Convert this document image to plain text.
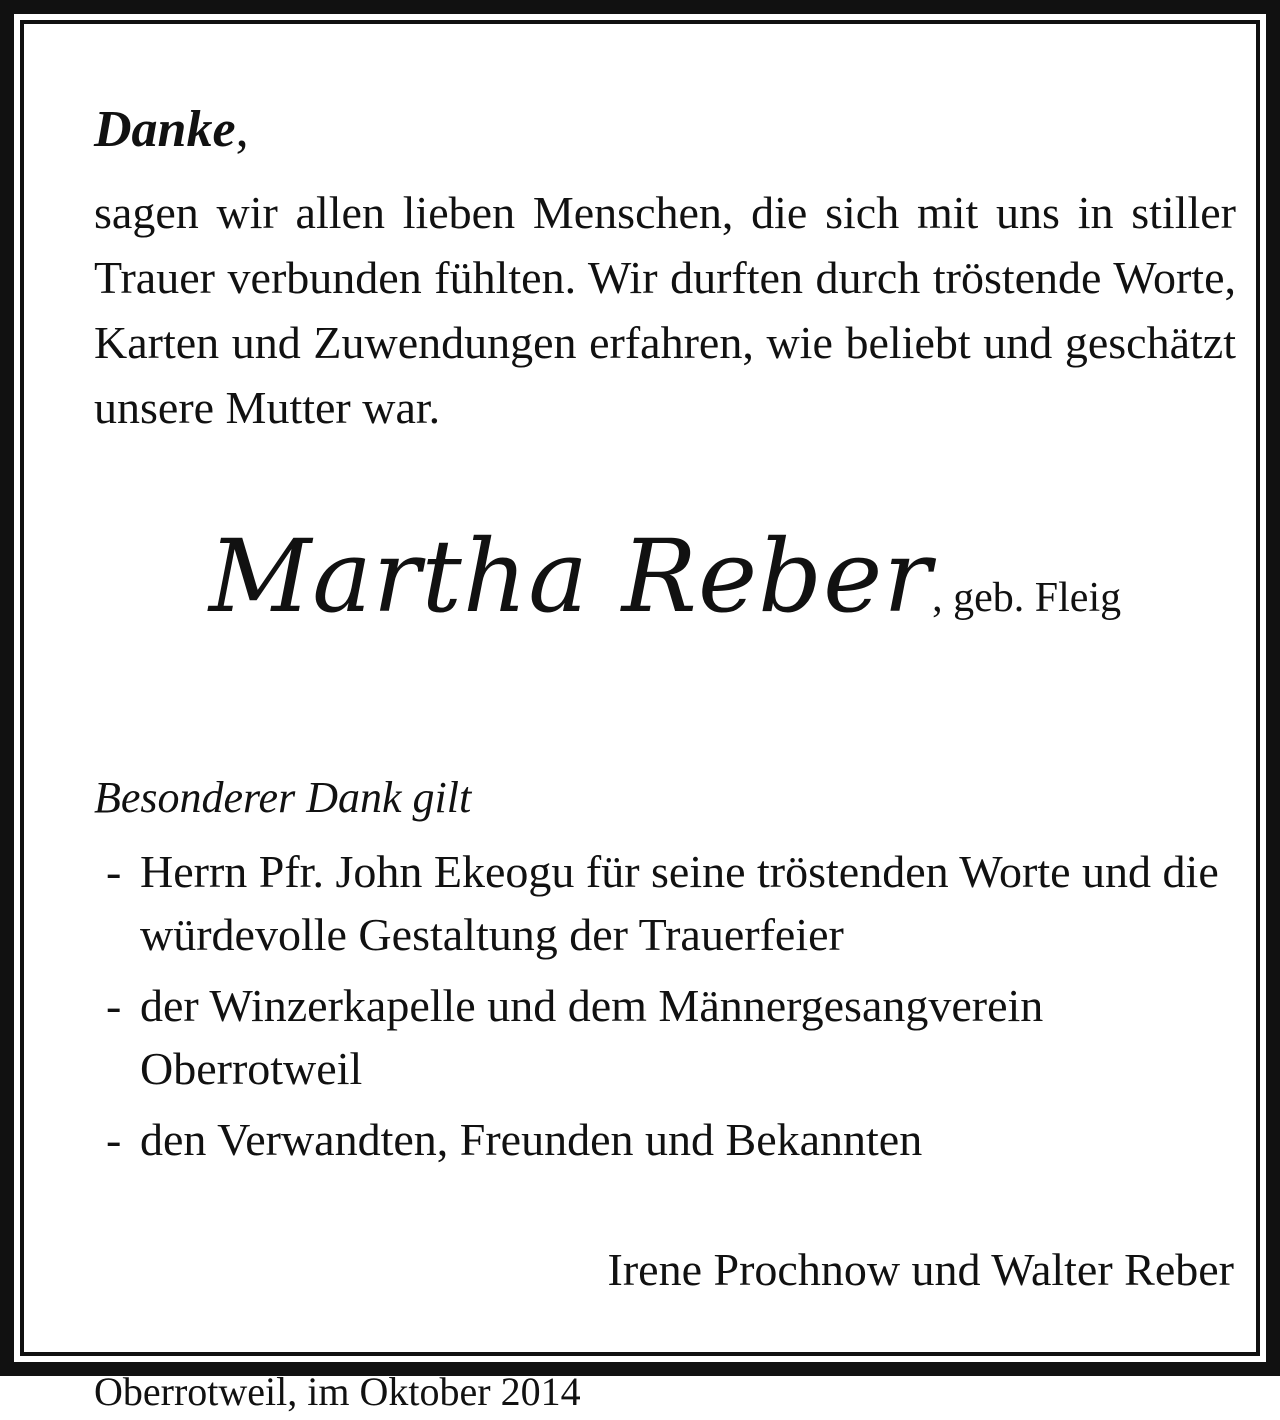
Danke,
sagen wir allen lieben Menschen, die sich mit uns in stiller Trauer verbunden fühlten. Wir durften durch tröstende Worte, Karten und Zuwendungen erfahren, wie beliebt und geschätzt unsere Mutter war.
Martha Reber, geb. Fleig
Besonderer Dank gilt
- Herrn Pfr. John Ekeogu für seine tröstenden Worte und die würdevolle Gestaltung der Trauerfeier
- der Winzerkapelle und dem Männergesangverein Oberrotweil
- den Verwandten, Freunden und Bekannten
Irene Prochnow und Walter Reber
Oberrotweil, im Oktober 2014
